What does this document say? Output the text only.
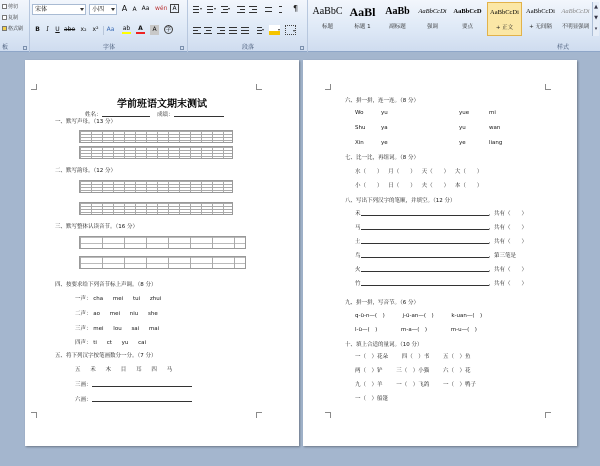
剪切
复制
格式刷
板
宋体	小四	A A Aa wén A
B	I	U abe x₂ x² Aa ab	A	A	字
字体
¶
段落
AaBbC
标题
AaBl
标题 1
AaBb
副标题
AaBbCcDi
强调
AaBbCcD
要点
AaBbCcDi
+ 正文
AaBbCcDi
+ 无间隔
AaBbCcDi
不明显强调
▲
▼
▾
样式
学前班语文期末测试
姓名：	成绩：
一、默写声母。（13 分）
二、默写韵母。（12 分）
三、默写整体认读音节。（16 分）
四、按要求给下列音节标上声调。（8 分）
一声： cha mei tui zhui
二声： ao mei niu she
三声： mei lou sai mai
四声： ti ct yu cai
五、将下列汉字按笔画数分一分。（7 分）
五 禾 木 目 耳 四 马
三画：
六画：
六、拼一拼，连一连。（8 分）
Wo	yu	yue	mi
Shu	ya	yu	wan
Xin	ye	ye	liang
七、比一比，再组词。（8 分）
水（　　） 月（　　） 天（　　） 大（　　）
小（　　） 日（　　） 夫（　　） 本（　　）
八、写出下列汉字的笔顺，并填空。（12 分）
禾	，共有（　　）
马	，共有（　　）
土	，共有（　　）
鸟	，第三笔是
火	，共有（　　）
竹	，共有（　　）
九、拼一拼，写音节。（6 分）
q-ü-n—(　)	j-ü-an—(　)	k-uan—(　)
l-ü—(　)	m-a—(　)	m-u—(　)
十、填上合适的量词。（10 分）
一（　）花朵	四（　）书	五（　）鱼
两（　）铲	三（　）小猫	六（　）花
九（　）羊	一（　）飞鸽	一（　）鸭子
一（　）船篷
